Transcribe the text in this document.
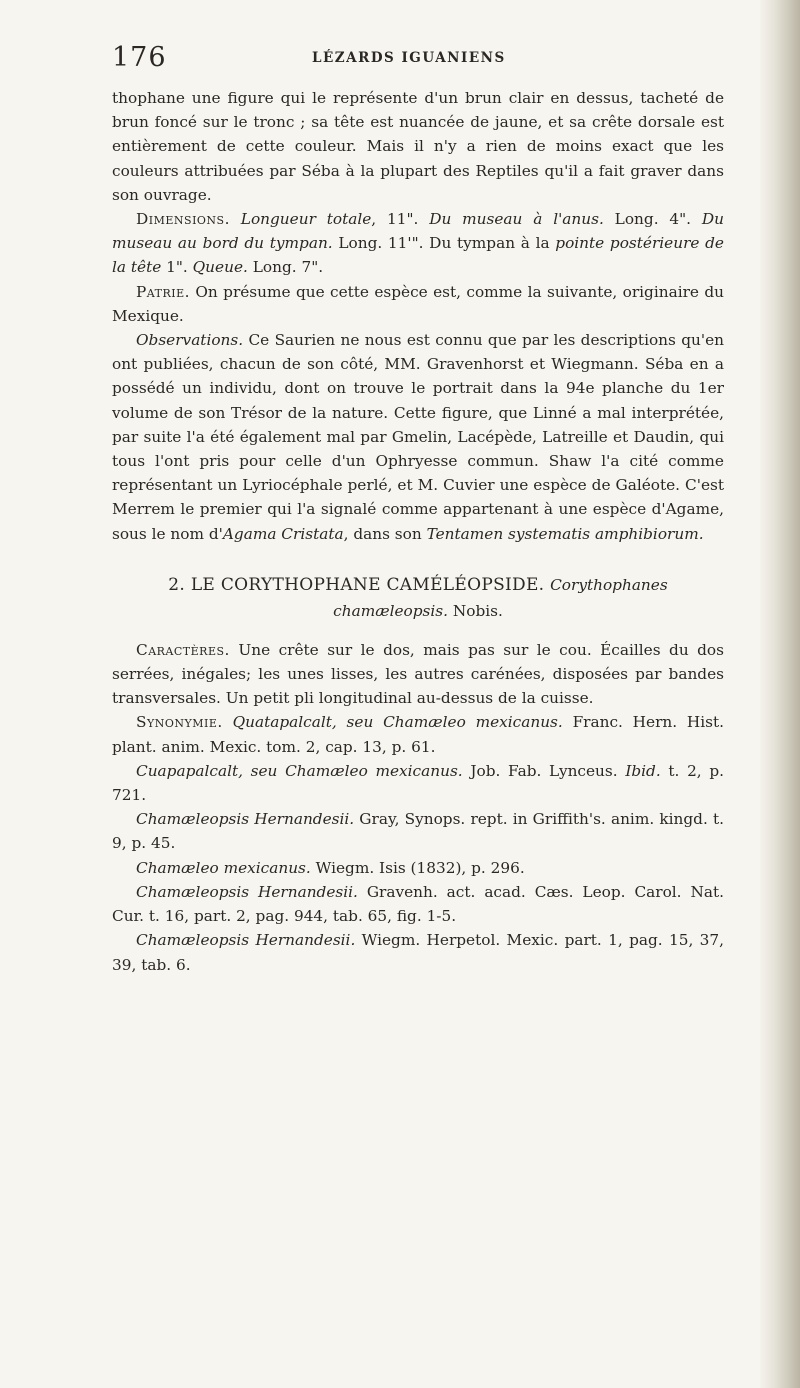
176	LÉZARDS IGUANIENS

thophane une figure qui le représente d'un brun clair en dessus, tacheté de brun foncé sur le tronc ; sa tête est nuancée de jaune, et sa crête dorsale est entièrement de cette couleur. Mais il n'y a rien de moins exact que les couleurs attribuées par Séba à la plupart des Reptiles qu'il a fait graver dans son ouvrage.

Dimensions. Longueur totale, 11". Du museau à l'anus. Long. 4". Du museau au bord du tympan. Long. 11'". Du tympan à la pointe postérieure de la tête 1". Queue. Long. 7".

Patrie. On présume que cette espèce est, comme la suivante, originaire du Mexique.

Observations. Ce Saurien ne nous est connu que par les descriptions qu'en ont publiées, chacun de son côté, MM. Gravenhorst et Wiegmann. Séba en a possédé un individu, dont on trouve le portrait dans la 94e planche du 1er volume de son Trésor de la nature. Cette figure, que Linné a mal interprétée, par suite l'a été également mal par Gmelin, Lacépède, Latreille et Daudin, qui tous l'ont pris pour celle d'un Ophryesse commun. Shaw l'a cité comme représentant un Lyriocéphale perlé, et M. Cuvier une espèce de Galéote. C'est Merrem le premier qui l'a signalé comme appartenant à une espèce d'Agame, sous le nom d'Agama Cristata, dans son Tentamen systematis amphibiorum.

2. LE CORYTHOPHANE CAMÉLÉOPSIDE. Corythophanes
chamæleopsis. Nobis.

Caractères. Une crête sur le dos, mais pas sur le cou. Écailles du dos serrées, inégales; les unes lisses, les autres carénées, disposées par bandes transversales. Un petit pli longitudinal au-dessus de la cuisse.

Synonymie. Quatapalcalt, seu Chamæleo mexicanus. Franc. Hern. Hist. plant. anim. Mexic. tom. 2, cap. 13, p. 61.

Cuapapalcalt, seu Chamæleo mexicanus. Job. Fab. Lynceus. Ibid. t. 2, p. 721.

Chamæleopsis Hernandesii. Gray, Synops. rept. in Griffith's. anim. kingd. t. 9, p. 45.

Chamæleo mexicanus. Wiegm. Isis (1832), p. 296.

Chamæleopsis Hernandesii. Gravenh. act. acad. Cæs. Leop. Carol. Nat. Cur. t. 16, part. 2, pag. 944, tab. 65, fig. 1-5.

Chamæleopsis Hernandesii. Wiegm. Herpetol. Mexic. part. 1, pag. 15, 37, 39, tab. 6.
